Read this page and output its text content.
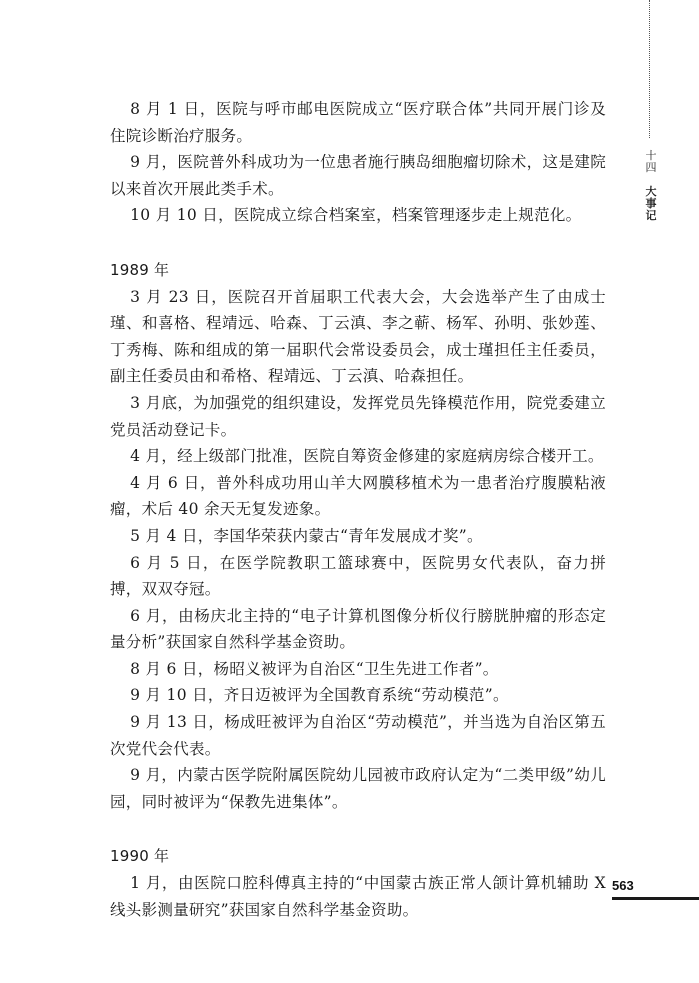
8 月 1 日，医院与呼市邮电医院成立“医疗联合体”共同开展门诊及住院诊断治疗服务。

9 月，医院普外科成功为一位患者施行胰岛细胞瘤切除术，这是建院以来首次开展此类手术。

10 月 10 日，医院成立综合档案室，档案管理逐步走上规范化。

1989 年

3 月 23 日，医院召开首届职工代表大会，大会选举产生了由成士瑾、和喜格、程靖远、哈森、丁云滇、李之蕲、杨军、孙明、张妙莲、丁秀梅、陈和组成的第一届职代会常设委员会，成士瑾担任主任委员，副主任委员由和希格、程靖远、丁云滇、哈森担任。

3 月底，为加强党的组织建设，发挥党员先锋模范作用，院党委建立党员活动登记卡。

4 月，经上级部门批准，医院自筹资金修建的家庭病房综合楼开工。

4 月 6 日，普外科成功用山羊大网膜移植术为一患者治疗腹膜粘液瘤，术后 40 余天无复发迹象。

5 月 4 日，李国华荣获内蒙古“青年发展成才奖”。

6 月 5 日，在医学院教职工篮球赛中，医院男女代表队，奋力拼搏，双双夺冠。

6 月，由杨庆北主持的“电子计算机图像分析仪行膀胱肿瘤的形态定量分析”获国家自然科学基金资助。

8 月 6 日，杨昭义被评为自治区“卫生先进工作者”。

9 月 10 日，齐日迈被评为全国教育系统“劳动模范”。

9 月 13 日，杨成旺被评为自治区“劳动模范”，并当选为自治区第五次党代会代表。

9 月，内蒙古医学院附属医院幼儿园被市政府认定为“二类甲级”幼儿园，同时被评为“保教先进集体”。

1990 年

1 月，由医院口腔科傅真主持的“中国蒙古族正常人颌计算机辅助 X 线头影测量研究”获国家自然科学基金资助。

十四
大事记
563
